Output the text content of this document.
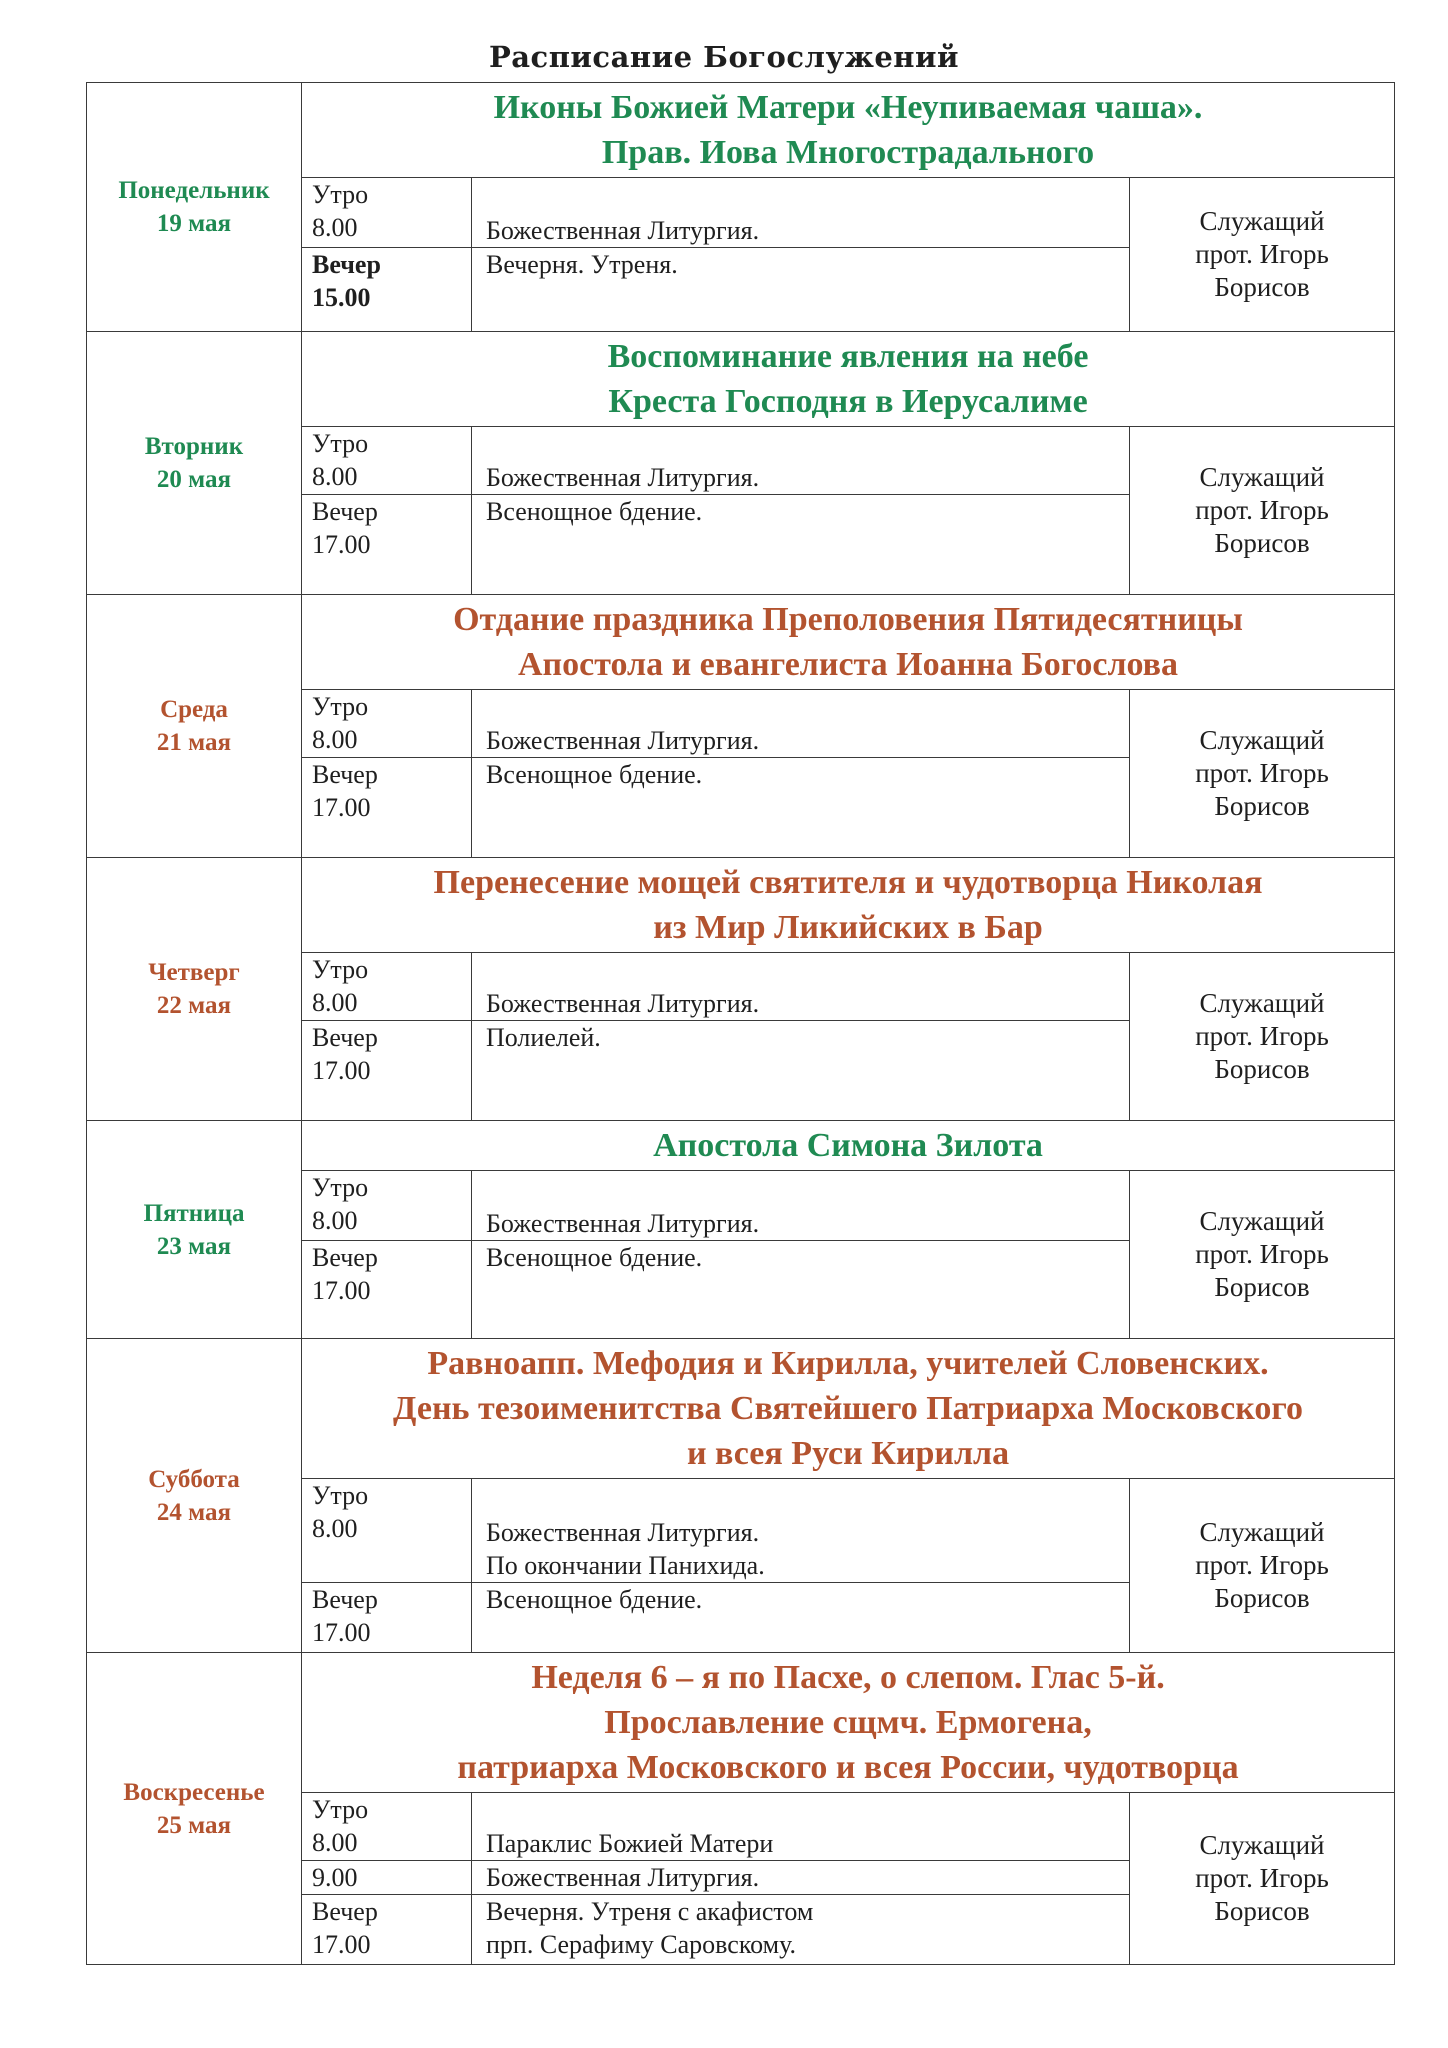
Расписание Богослужений
Понедельник
19 мая	Иконы Божией Матери «Неупиваемая чаша».
Прав. Иова Многострадального		

	Утро
8.00	Божественная Литургия.	Служащий
прот. Игорь
Борисов

	Вечер
15.00	Вечерня. Утреня.	

Вторник
20 мая	Воспоминание явления на небе
Креста Господня в Иерусалиме		

	Утро
8.00	Божественная Литургия.	Служащий
прот. Игорь
Борисов

	Вечер
17.00	Всенощное бдение.	

Среда
21 мая	Отдание праздника Преполовения Пятидесятницы
Апостола и евангелиста Иоанна Богослова		

	Утро
8.00	Божественная Литургия.	Служащий
прот. Игорь
Борисов

	Вечер
17.00	Всенощное бдение.	

Четверг
22 мая	Перенесение мощей святителя и чудотворца Николая
из Мир Ликийских в Бар		

	Утро
8.00	Божественная Литургия.	Служащий
прот. Игорь
Борисов

	Вечер
17.00	Полиелей.	

Пятница
23 мая	Апостола Симона Зилота		

	Утро
8.00	Божественная Литургия.	Служащий
прот. Игорь
Борисов

	Вечер
17.00	Всенощное бдение.	

Суббота
24 мая	Равноапп. Мефодия и Кирилла, учителей Словенских.
День тезоименитства Святейшего Патриарха Московского
и всея Руси Кирилла		

	Утро
8.00	Божественная Литургия.
По окончании Панихида.	Служащий
прот. Игорь
Борисов

	Вечер
17.00	Всенощное бдение.	

Воскресенье
25 мая	Неделя 6 – я по Пасхе, о слепом. Глас 5-й.
Прославление сщмч. Ермогена,
патриарха Московского и всея России, чудотворца		

	Утро
8.00	Параклис Божией Матери	Служащий
прот. Игорь
Борисов

	9.00	Божественная Литургия.	

	Вечер
17.00	Вечерня. Утреня с акафистом
прп. Серафиму Саровскому.	
